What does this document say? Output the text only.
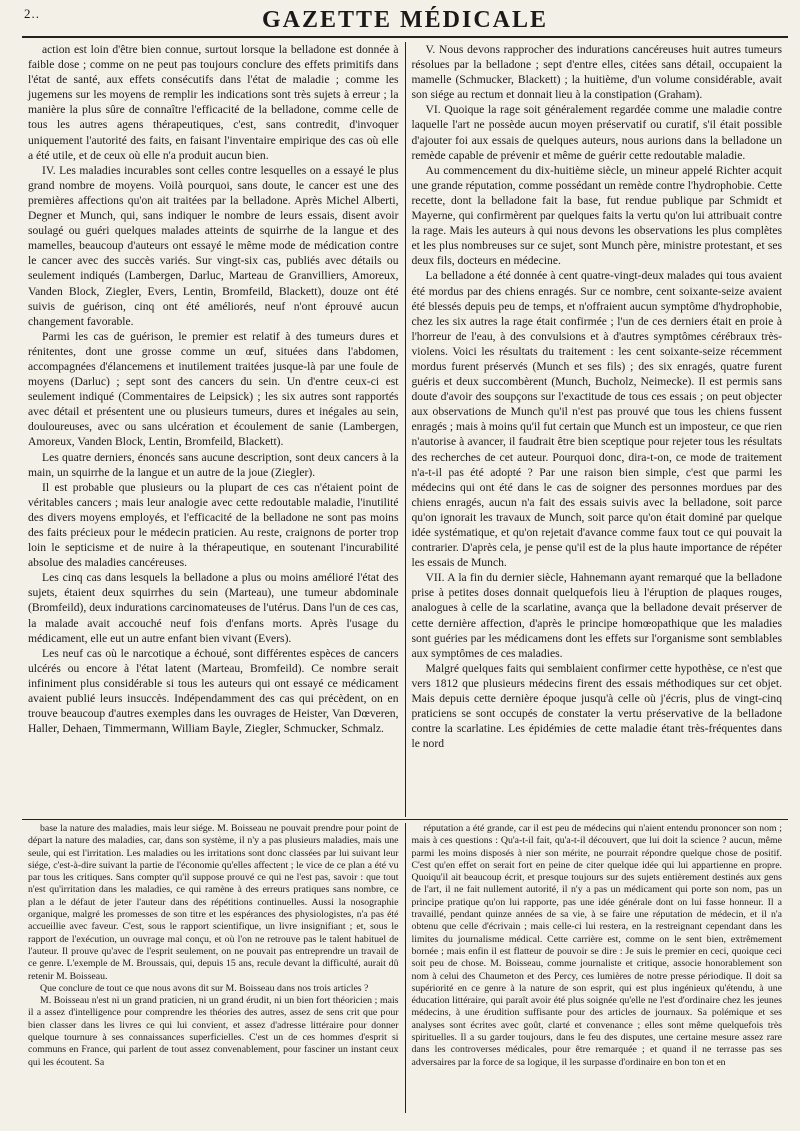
2..	GAZETTE MÉDICALE

action est loin d'être bien connue, surtout lorsque la belladone est donnée à faible dose ; comme on ne peut pas toujours conclure des effets primitifs dans l'état de santé, aux effets consécutifs dans l'état de maladie ; comme les jugemens sur les moyens de remplir les indications sont très sujets à erreur ; la manière la plus sûre de connaître l'efficacité de la belladone, comme celle de tous les autres agens thérapeutiques, c'est, sans contredit, d'invoquer uniquement l'autorité des faits, en faisant l'inventaire empirique des cas où elle a été utile, et de ceux où elle n'a produit aucun bien.

IV. Les maladies incurables sont celles contre lesquelles on a essayé le plus grand nombre de moyens. Voilà pourquoi, sans doute, le cancer est une des premières affections qu'on ait traitées par la belladone. Après Michel Alberti, Degner et Munch, qui, sans indiquer le nombre de leurs essais, disent avoir soulagé ou guéri quelques malades atteints de squirrhe de la langue et des mamelles, beaucoup d'auteurs ont essayé le même mode de médication contre le cancer avec des succès variés. Sur vingt-six cas, publiés avec détails ou seulement indiqués (Lambergen, Darluc, Marteau de Granvilliers, Amoreux, Vanden Block, Ziegler, Evers, Lentin, Bromfeild, Blackett), douze ont été suivis de guérison, cinq ont été améliorés, neuf n'ont éprouvé aucun changement favorable.

Parmi les cas de guérison, le premier est relatif à des tumeurs dures et rénitentes, dont une grosse comme un œuf, situées dans l'abdomen, accompagnées d'élancemens et inutilement traitées jusque-là par une foule de moyens (Darluc) ; sept sont des cancers du sein. Un d'entre ceux-ci est seulement indiqué (Commentaires de Leipsick) ; les six autres sont rapportés avec détail et présentent une ou plusieurs tumeurs, dures et inégales au sein, douloureuses, avec ou sans ulcération et écoulement de sanie (Lambergen, Amoreux, Vanden Block, Lentin, Bromfeild, Blackett).

Les quatre derniers, énoncés sans aucune description, sont deux cancers à la main, un squirrhe de la langue et un autre de la joue (Ziegler).

Il est probable que plusieurs ou la plupart de ces cas n'étaient point de véritables cancers ; mais leur analogie avec cette redoutable maladie, l'inutilité des divers moyens employés, et l'efficacité de la belladone ne sont pas moins des faits précieux pour le médecin praticien. Au reste, craignons de porter trop loin le septicisme et de nuire à la thérapeutique, en soutenant l'incurabilité absolue des maladies cancéreuses.

Les cinq cas dans lesquels la belladone a plus ou moins amélioré l'état des sujets, étaient deux squirrhes du sein (Marteau), une tumeur abdominale (Bromfeild), deux indurations carcinomateuses de l'utérus. Dans l'un de ces cas, la malade avait accouché neuf fois d'enfans morts. Après l'usage du médicament, elle eut un autre enfant bien vivant (Evers).

Les neuf cas où le narcotique a échoué, sont différentes espèces de cancers ulcérés ou encore à l'état latent (Marteau, Bromfeild). Ce nombre serait infiniment plus considérable si tous les auteurs qui ont essayé ce médicament avaient publié leurs insuccès. Indépendamment des cas qui précèdent, on en trouve beaucoup d'autres exemples dans les ouvrages de Heister, Van Dœveren, Haller, Dehaen, Timmermann, William Bayle, Ziegler, Schmucker, Schmalz.

V. Nous devons rapprocher des indurations cancéreuses huit autres tumeurs résolues par la belladone ; sept d'entre elles, citées sans détail, occupaient la mamelle (Schmucker, Blackett) ; la huitième, d'un volume considérable, avait son siége au rectum et donnait lieu à la constipation (Graham).

VI. Quoique la rage soit généralement regardée comme une maladie contre laquelle l'art ne possède aucun moyen préservatif ou curatif, s'il était possible d'ajouter foi aux essais de quelques auteurs, nous aurions dans la belladone un remède capable de prévenir et même de guérir cette redoutable maladie.

Au commencement du dix-huitième siècle, un mineur appelé Richter acquit une grande réputation, comme possédant un remède contre l'hydrophobie. Cette recette, dont la belladone fait la base, fut rendue publique par Schmidt et Mayerne, qui confirmèrent par quelques faits la vertu qu'on lui attribuait contre la rage. Mais les auteurs à qui nous devons les observations les plus complètes et les plus nombreuses sur ce sujet, sont Munch père, ministre protestant, et ses deux fils, docteurs en médecine.

La belladone a été donnée à cent quatre-vingt-deux malades qui tous avaient été mordus par des chiens enragés. Sur ce nombre, cent soixante-seize avaient été blessés depuis peu de temps, et n'offraient aucun symptôme d'hydrophobie, chez les six autres la rage était confirmée ; l'un de ces derniers était en proie à l'horreur de l'eau, à des convulsions et à d'autres symptômes cérébraux très-violens. Voici les résultats du traitement : les cent soixante-seize récemment mordus furent préservés (Munch et ses fils) ; des six enragés, quatre furent guéris et deux succombèrent (Munch, Bucholz, Neimecke). Il est permis sans doute d'avoir des soupçons sur l'exactitude de tous ces essais ; on peut objecter aux observations de Munch qu'il n'est pas prouvé que tous les chiens fussent enragés ; mais à moins qu'il fut certain que Munch est un imposteur, ce que rien n'autorise à avancer, il faudrait être bien sceptique pour rejeter tous les résultats des recherches de cet auteur. Pourquoi donc, dira-t-on, ce mode de traitement n'a-t-il pas été adopté ? Par une raison bien simple, c'est que parmi les médecins qui ont été dans le cas de soigner des personnes mordues par des chiens enragés, aucun n'a fait des essais suivis avec la belladone, soit parce qu'on ignorait les travaux de Munch, soit parce qu'on était dominé par quelque idée systématique, et qu'on rejetait d'avance comme faux tout ce qui pouvait la contrarier. D'après cela, je pense qu'il est de la plus haute importance de répéter les essais de Munch.

VII. A la fin du dernier siècle, Hahnemann ayant remarqué que la belladone prise à petites doses donnait quelquefois lieu à l'éruption de plaques rouges, analogues à celle de la scarlatine, avança que la belladone devait préserver de cette dernière affection, d'après le principe homœopathique que les maladies sont guéries par les médicamens dont les effets sur l'organisme sont semblables aux symptômes de ces maladies.

Malgré quelques faits qui semblaient confirmer cette hypothèse, ce n'est que vers 1812 que plusieurs médecins firent des essais méthodiques sur cet objet. Mais depuis cette dernière époque jusqu'à celle où j'écris, plus de vingt-cinq praticiens se sont occupés de constater la vertu préservative de la belladone contre la scarlatine. Les épidémies de cette maladie étant très-fréquentes dans le nord

base la nature des maladies, mais leur siége. M. Boisseau ne pouvait prendre pour point de départ la nature des maladies, car, dans son système, il n'y a pas plusieurs maladies, mais une seule, qui est l'irritation. Les maladies ou les irritations sont donc classées par lui suivant leur siége, c'est-à-dire suivant la partie de l'économie qu'elles affectent ; le vice de ce plan a été vu par tous les critiques. Sans compter qu'il suppose prouvé ce qui ne l'est pas, savoir : que tout n'est qu'irritation dans les maladies, ce qui ramène à des erreurs pratiques sans nombre, ce plan a le défaut de jeter l'auteur dans des répétitions continuelles. Aussi la nosographie organique, malgré les promesses de son titre et les espérances des physiologistes, n'a pas été accueillie avec faveur. C'est, sous le rapport scientifique, un livre insignifiant ; et, sous le rapport de l'exécution, un ouvrage mal conçu, et où l'on ne retrouve pas le talent habituel de l'auteur. Il prouve qu'avec de l'esprit seulement, on ne pouvait pas entreprendre un travail de ce genre. L'exemple de M. Broussais, qui, depuis 15 ans, recule devant la difficulté, aurait dû retenir M. Boisseau.

Que conclure de tout ce que nous avons dit sur M. Boisseau dans nos trois articles ?

M. Boisseau n'est ni un grand praticien, ni un grand érudit, ni un bien fort théoricien ; mais il a assez d'intelligence pour comprendre les théories des autres, assez de sens crit que pour bien classer dans les livres ce qui lui convient, et assez d'adresse littéraire pour donner quelque tournure à ses connaissances superficielles. C'est un de ces hommes d'esprit si communs en France, qui parlent de tout assez convenablement, pour fasciner un instant ceux qui les écoutent. Sa

réputation a été grande, car il est peu de médecins qui n'aient entendu prononcer son nom ; mais à ces questions : Qu'a-t-il fait, qu'a-t-il découvert, que lui doit la science ? aucun, même parmi les moins disposés à nier son mérite, ne pourrait répondre quelque chose de positif. C'est qu'en effet on serait fort en peine de citer quelque idée qui lui appartienne en propre. Quoiqu'il ait beaucoup écrit, et presque toujours sur des sujets entièrement destinés aux gens de l'art, il ne fait nullement autorité, il n'y a pas un médicament qui porte son nom, pas un principe pratique qu'on lui rapporte, pas une idée générale dont on lui fasse honneur. Il a travaillé, pendant quinze années de sa vie, à se faire une réputation de médecin, et il n'a obtenu que celle d'écrivain ; mais celle-ci lui restera, en la restreignant cependant dans les limites du journalisme médical. Cette carrière est, comme on le sent bien, extrêmement bornée ; mais enfin il est flatteur de pouvoir se dire : Je suis le premier en ceci, quoique ceci soit peu de chose. M. Boisseau, comme journaliste et critique, associe honorablement son nom à celui des Chaumeton et des Percy, ces lumières de notre presse périodique. Il doit sa supériorité en ce genre à la nature de son esprit, qui est plus ingénieux qu'étendu, à une éducation littéraire, qui paraît avoir été plus soignée qu'elle ne l'est d'ordinaire chez les jeunes médecins, à une érudition suffisante pour des articles de journaux. Sa polémique et ses analyses sont écrites avec goût, clarté et convenance ; elles sont même quelquefois très spirituelles. Il a su garder toujours, dans le feu des disputes, une certaine mesure assez rare dans les controverses médicales, pour être remarquée ; et quand il ne terrasse pas ses adversaires par la force de sa logique, il les surpasse d'ordinaire en bon ton et en
